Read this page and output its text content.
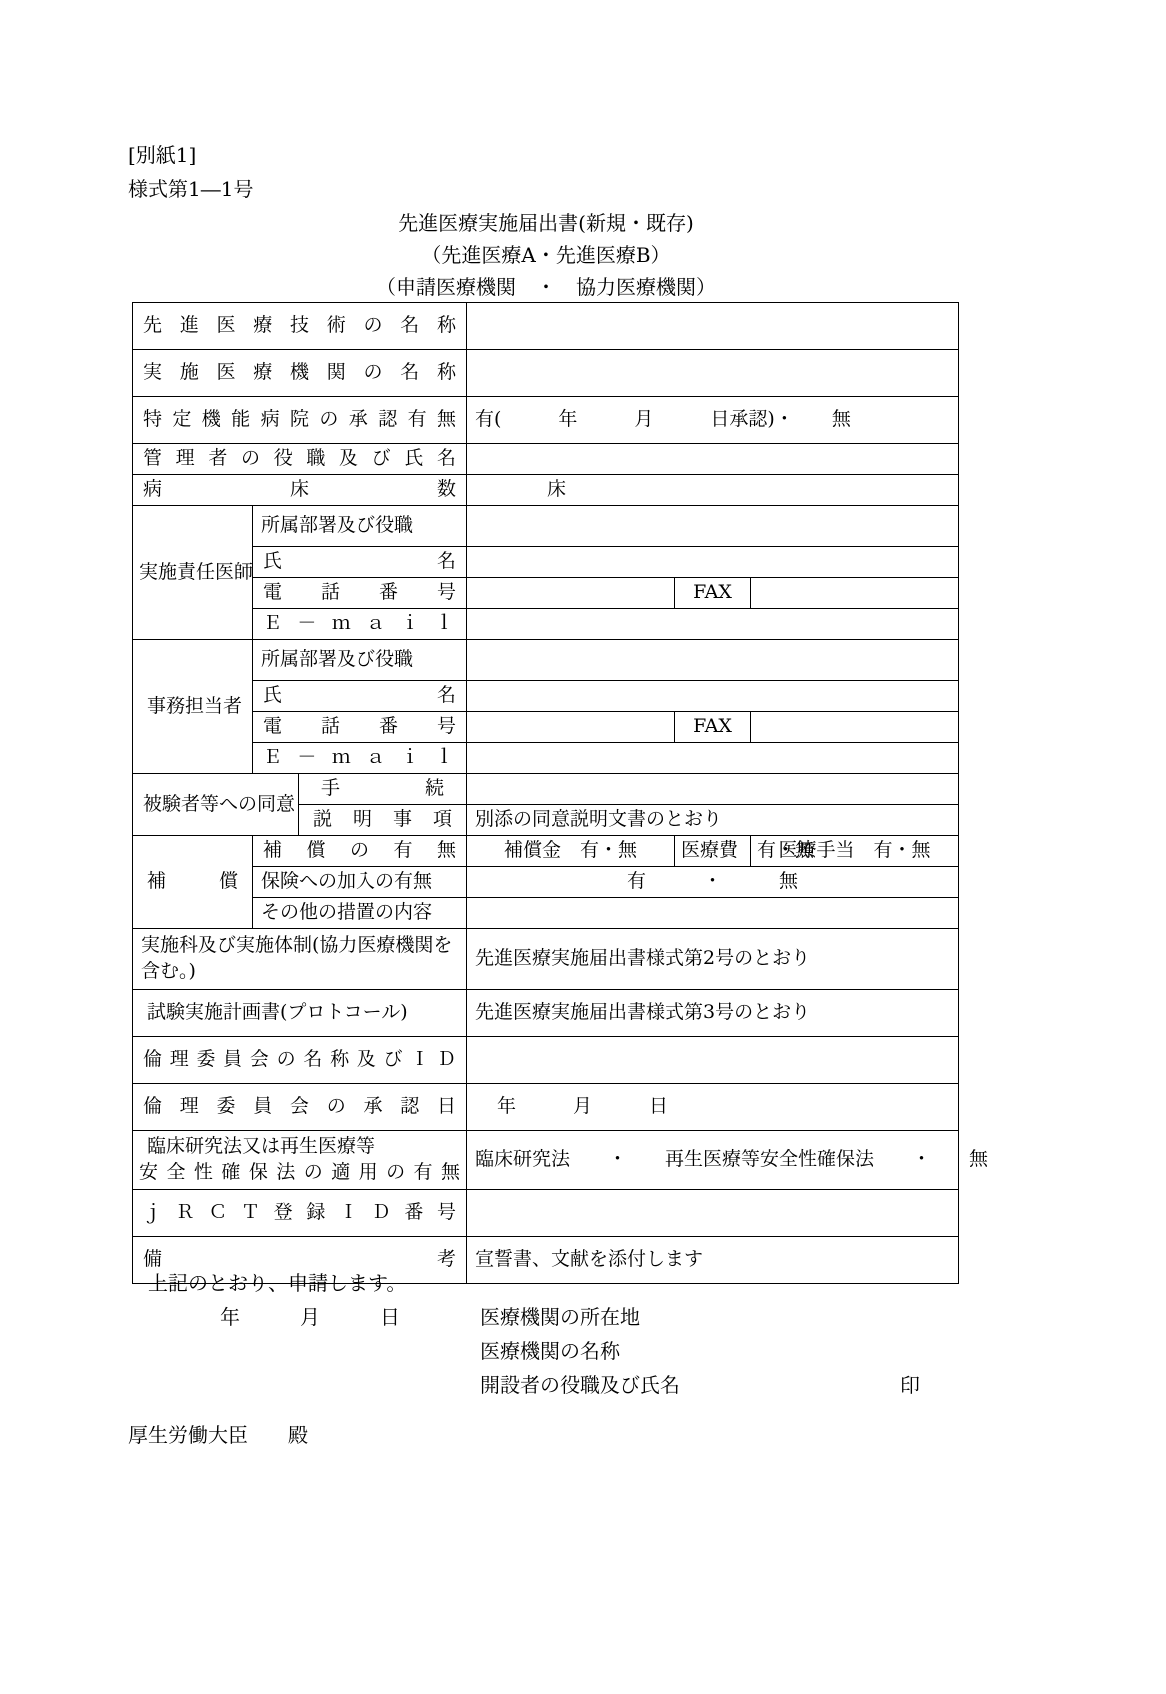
[別紙1]
様式第1―1号
先進医療実施届出書(新規・既存)
（先進医療A・先進医療B）
（申請医療機関　・　協力医療機関）
先進医療技術の名称					
実施医療機関の名称					
特定機能病院の承認有無			有(　　　年　　　月　　　日承認)・　　無		
管理者の役職及び氏名					
病床数			床		
実施責任医師	所属部署及び役職				
	氏名				
	電話番号			FAX	
	Ｅ－ｍａｉｌ				
事務担当者	所属部署及び役職				
	氏名				
	電話番号			FAX	
	Ｅ－ｍａｉｌ				
被験者等への同意		手続			
		説明事項	別添の同意説明文書のとおり		
補償	補償の有無		補償金　有・無	医療費　有・無	医療手当　有・無
	保険への加入の有無		有　　　・　　　無		
	その他の措置の内容				
実施科及び実施体制(協力医療機関を含む。)			先進医療実施届出書様式第2号のとおり		
試験実施計画書(プロトコール)			先進医療実施届出書様式第3号のとおり		
倫理委員会の名称及びＩＤ					
倫理委員会の承認日			年　　　月　　　日		

臨床研究法又は再生医療等
安全性確保法の適用の有無			臨床研究法　　・　　再生医療等安全性確保法　　・　　無		
ｊＲＣＴ登録ＩＤ番号					
備考			宣誓書、文献を添付します		
上記のとおり、申請します。
年　　　月　　　日	医療機関の所在地
医療機関の名称
開設者の役職及び氏名	印
厚生労働大臣　　殿
